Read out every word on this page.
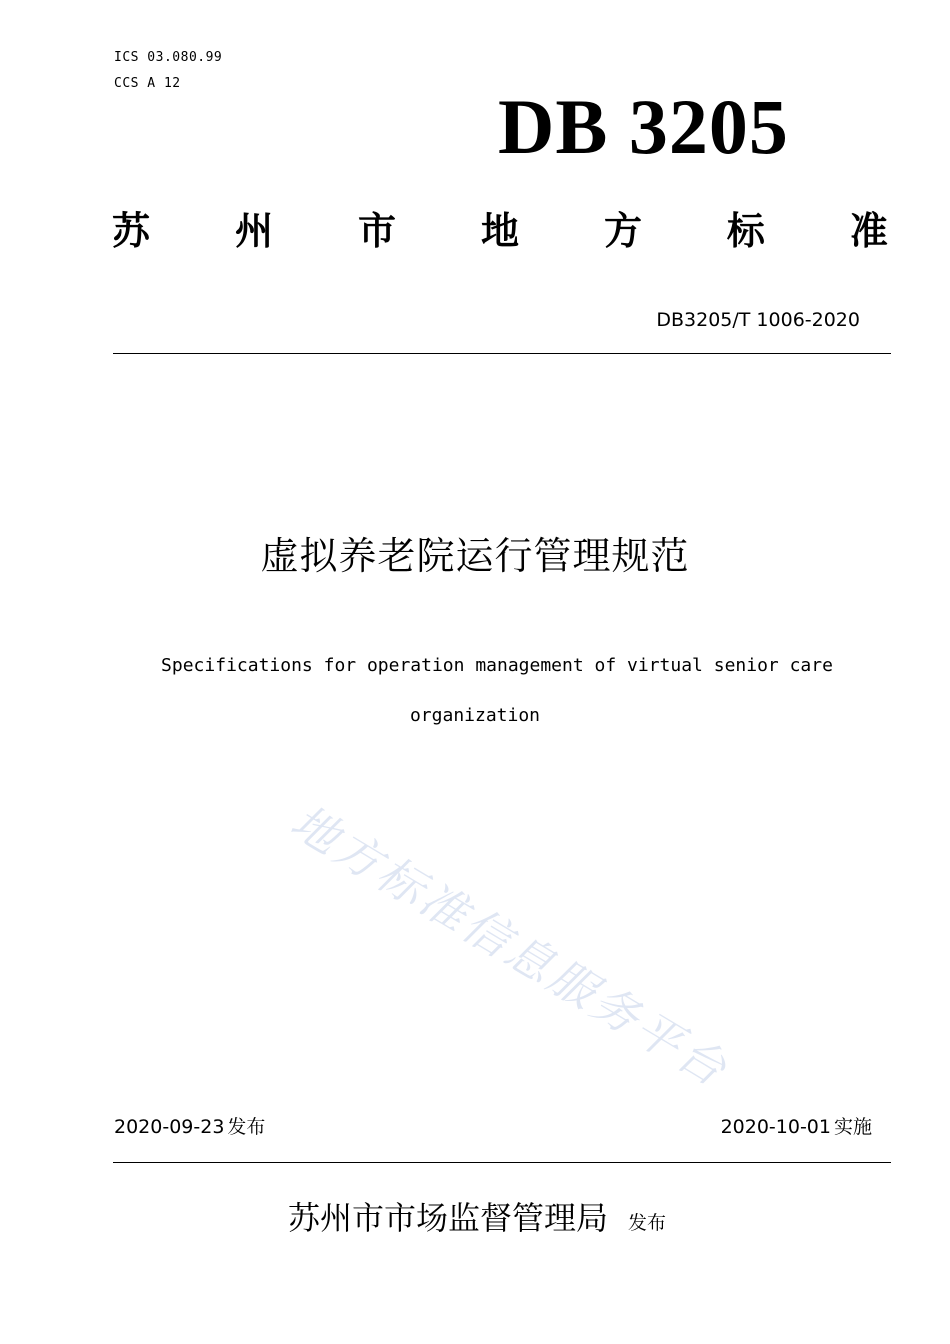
ICS 03.080.99
CCS A 12	DB 3205
苏 州 市 地 方 标 准
DB3205/T 1006-2020
虚拟养老院运行管理规范
Specifications for operation management of virtual senior care
organization
地方标准信息服务平台
2020-09-23 发布	2020-10-01 实施
苏州市市场监督管理局 发布
